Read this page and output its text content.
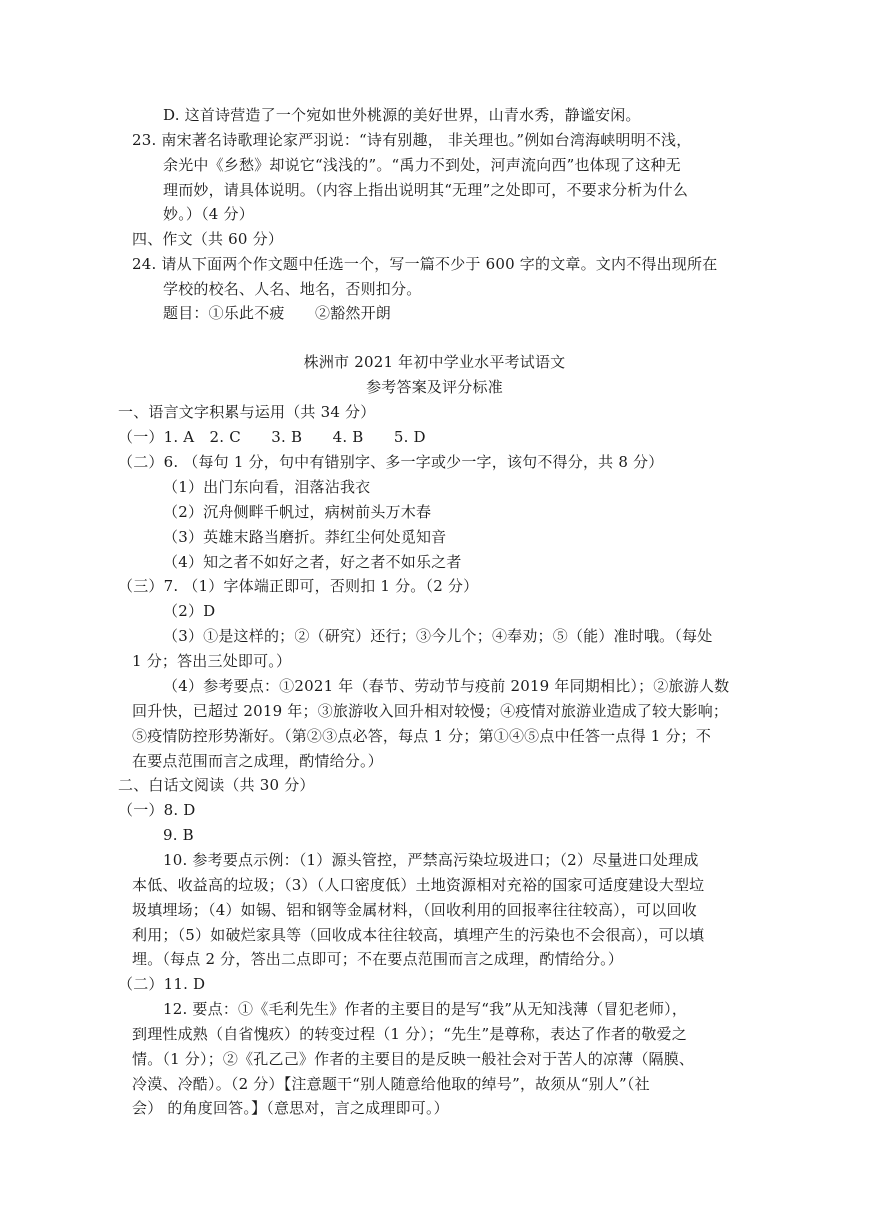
D. 这首诗营造了一个宛如世外桃源的美好世界，山青水秀，静谧安闲。
23. 南宋著名诗歌理论家严羽说：“诗有别趣， 非关理也。”例如台湾海峡明明不浅，
余光中《乡愁》却说它“浅浅的”。“禹力不到处，河声流向西”也体现了这种无
理而妙，请具体说明。（内容上指出说明其“无理”之处即可，不要求分析为什么
妙。）（4 分）
四、作文（共 60 分）
24. 请从下面两个作文题中任选一个，写一篇不少于 600 字的文章。文内不得出现所在
学校的校名、人名、地名，否则扣分。
题目：①乐此不疲　　②豁然开朗
株洲市 2021 年初中学业水平考试语文
参考答案及评分标准
一、语言文字积累与运用（共 34 分）
（一）1. A　2. C　　3. B　　4. B　　5. D
（二）6. （每句 1 分，句中有错别字、多一字或少一字，该句不得分，共 8 分）
（1）出门东向看，泪落沾我衣
（2）沉舟侧畔千帆过，病树前头万木春
（3）英雄末路当磨折。莽红尘何处觅知音
（4）知之者不如好之者，好之者不如乐之者
（三）7. （1）字体端正即可，否则扣 1 分。（2 分）
（2）D
（3）①是这样的；②（研究）还行；③今儿个；④奉劝；⑤（能）准时哦。（每处
1 分；答出三处即可。）
（4）参考要点：①2021 年（春节、劳动节与疫前 2019 年同期相比）；②旅游人数
回升快，已超过 2019 年；③旅游收入回升相对较慢；④疫情对旅游业造成了较大影响；
⑤疫情防控形势渐好。（第②③点必答，每点 1 分；第①④⑤点中任答一点得 1 分；不
在要点范围而言之成理，酌情给分。）
二、白话文阅读（共 30 分）
（一）8. D
9. B
10. 参考要点示例：（1）源头管控，严禁高污染垃圾进口；（2）尽量进口处理成
本低、收益高的垃圾；（3）（人口密度低）土地资源相对充裕的国家可适度建设大型垃
圾填埋场；（4）如锡、铝和钢等金属材料，（回收利用的回报率往往较高），可以回收
利用；（5）如破烂家具等（回收成本往往较高，填埋产生的污染也不会很高），可以填
埋。（每点 2 分，答出二点即可；不在要点范围而言之成理，酌情给分。）
（二）11. D
12. 要点：①《毛利先生》作者的主要目的是写“我”从无知浅薄（冒犯老师），
到理性成熟（自省愧疚）的转变过程（1 分）；“先生”是尊称，表达了作者的敬爱之
情。（1 分）；②《孔乙己》作者的主要目的是反映一般社会对于苦人的凉薄（隔膜、
冷漠、冷酷）。（2 分）【注意题干“别人随意给他取的绰号”，故须从“别人”（社
会） 的角度回答。】（意思对，言之成理即可。）
